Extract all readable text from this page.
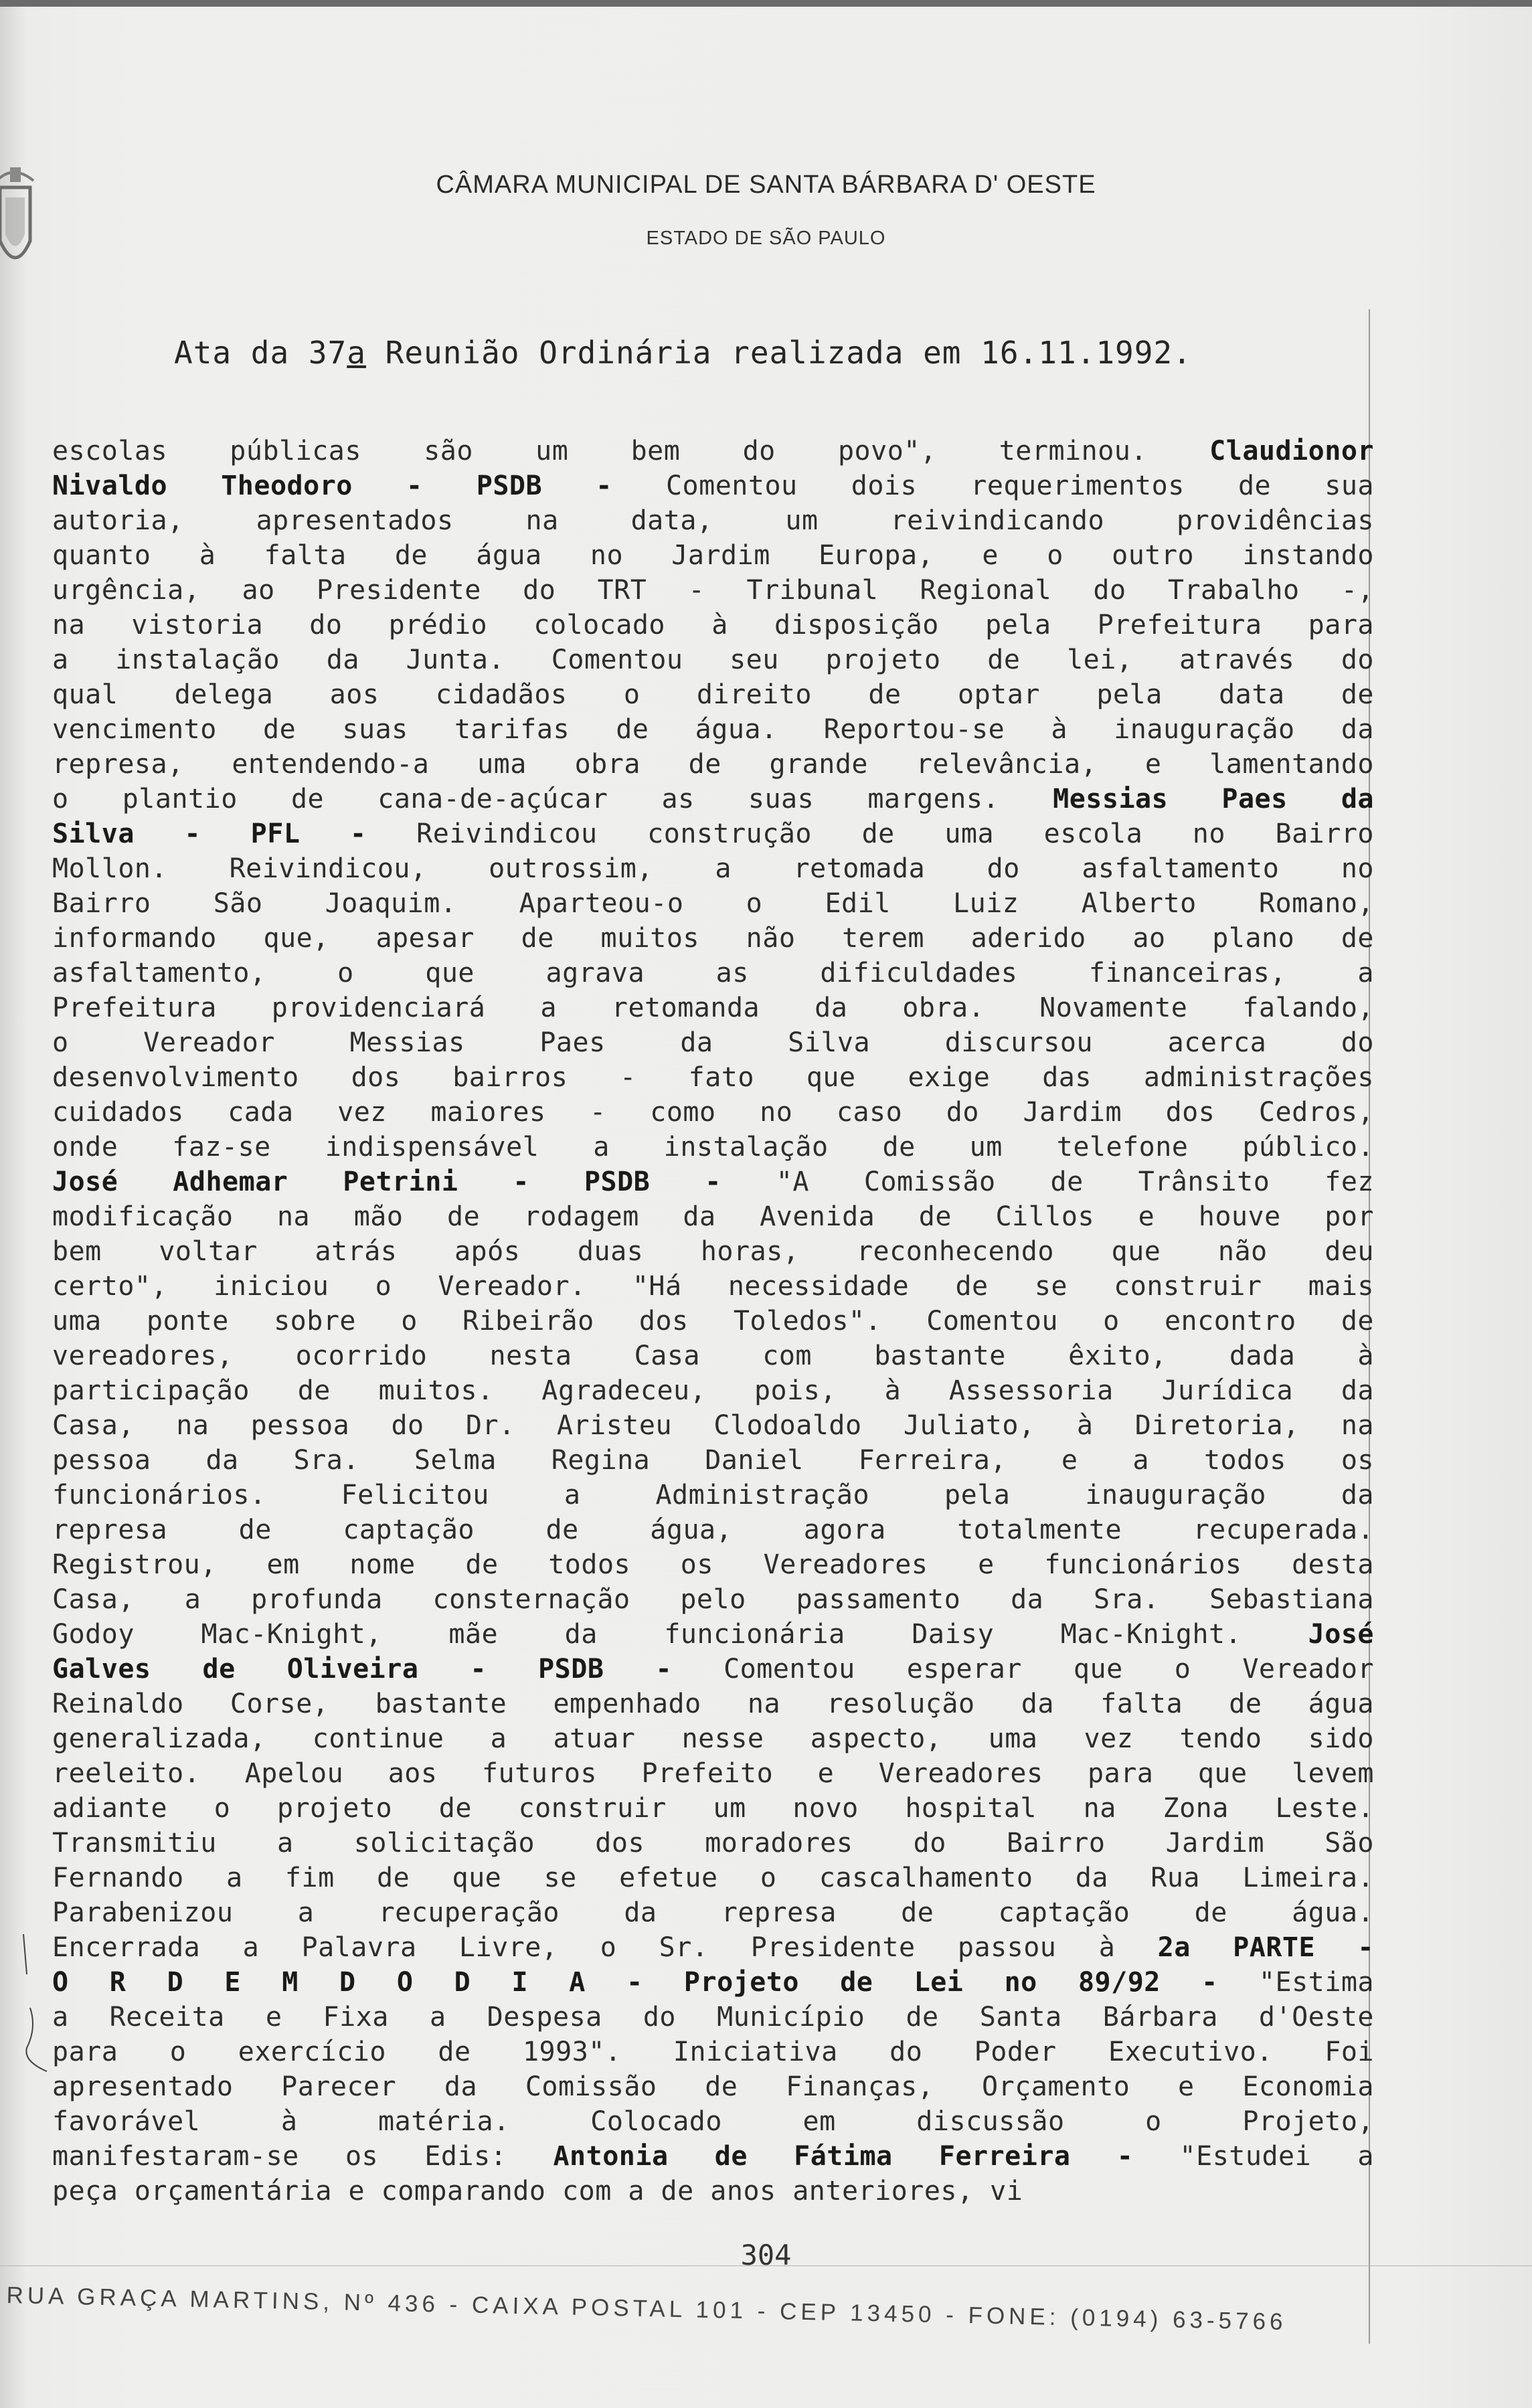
CÂMARA MUNICIPAL DE SANTA BÁRBARA D' OESTE
ESTADO DE SÃO PAULO
Ata da 37a Reunião Ordinária realizada em 16.11.1992.
escolas públicas são um bem do povo", terminou. Claudionor
Nivaldo Theodoro - PSDB - Comentou dois requerimentos de sua
autoria, apresentados na data, um reivindicando providências
quanto à falta de água no Jardim Europa, e o outro instando
urgência, ao Presidente do TRT - Tribunal Regional do Trabalho -,
na vistoria do prédio colocado à disposição pela Prefeitura para
a instalação da Junta. Comentou seu projeto de lei, através do
qual delega aos cidadãos o direito de optar pela data de
vencimento de suas tarifas de água. Reportou-se à inauguração da
represa, entendendo-a uma obra de grande relevância, e lamentando
o plantio de cana-de-açúcar as suas margens. Messias Paes da
Silva - PFL - Reivindicou construção de uma escola no Bairro
Mollon. Reivindicou, outrossim, a retomada do asfaltamento no
Bairro São Joaquim. Aparteou-o o Edil Luiz Alberto Romano,
informando que, apesar de muitos não terem aderido ao plano de
asfaltamento, o que agrava as dificuldades financeiras, a
Prefeitura providenciará a retomanda da obra. Novamente falando,
o Vereador Messias Paes da Silva discursou acerca do
desenvolvimento dos bairros - fato que exige das administrações
cuidados cada vez maiores - como no caso do Jardim dos Cedros,
onde faz-se indispensável a instalação de um telefone público.
José Adhemar Petrini - PSDB - "A Comissão de Trânsito fez
modificação na mão de rodagem da Avenida de Cillos e houve por
bem voltar atrás após duas horas, reconhecendo que não deu
certo", iniciou o Vereador. "Há necessidade de se construir mais
uma ponte sobre o Ribeirão dos Toledos". Comentou o encontro de
vereadores, ocorrido nesta Casa com bastante êxito, dada à
participação de muitos. Agradeceu, pois, à Assessoria Jurídica da
Casa, na pessoa do Dr. Aristeu Clodoaldo Juliato, à Diretoria, na
pessoa da Sra. Selma Regina Daniel Ferreira, e a todos os
funcionários. Felicitou a Administração pela inauguração da
represa de captação de água, agora totalmente recuperada.
Registrou, em nome de todos os Vereadores e funcionários desta
Casa, a profunda consternação pelo passamento da Sra. Sebastiana
Godoy Mac-Knight, mãe da funcionária Daisy Mac-Knight. José
Galves de Oliveira - PSDB - Comentou esperar que o Vereador
Reinaldo Corse, bastante empenhado na resolução da falta de água
generalizada, continue a atuar nesse aspecto, uma vez tendo sido
reeleito. Apelou aos futuros Prefeito e Vereadores para que levem
adiante o projeto de construir um novo hospital na Zona Leste.
Transmitiu a solicitação dos moradores do Bairro Jardim São
Fernando a fim de que se efetue o cascalhamento da Rua Limeira.
Parabenizou a recuperação da represa de captação de água.
Encerrada a Palavra Livre, o Sr. Presidente passou à 2a PARTE -
O R D E M D O D I A - Projeto de Lei no 89/92 - "Estima
a Receita e Fixa a Despesa do Município de Santa Bárbara d'Oeste
para o exercício de 1993". Iniciativa do Poder Executivo. Foi
apresentado Parecer da Comissão de Finanças, Orçamento e Economia
favorável à matéria. Colocado em discussão o Projeto,
manifestaram-se os Edis: Antonia de Fátima Ferreira - "Estudei a
peça orçamentária e comparando com a de anos anteriores, vi
304
RUA GRAÇA MARTINS, Nº 436 - CAIXA POSTAL 101 - CEP 13450 - FONE: (0194) 63-5766
